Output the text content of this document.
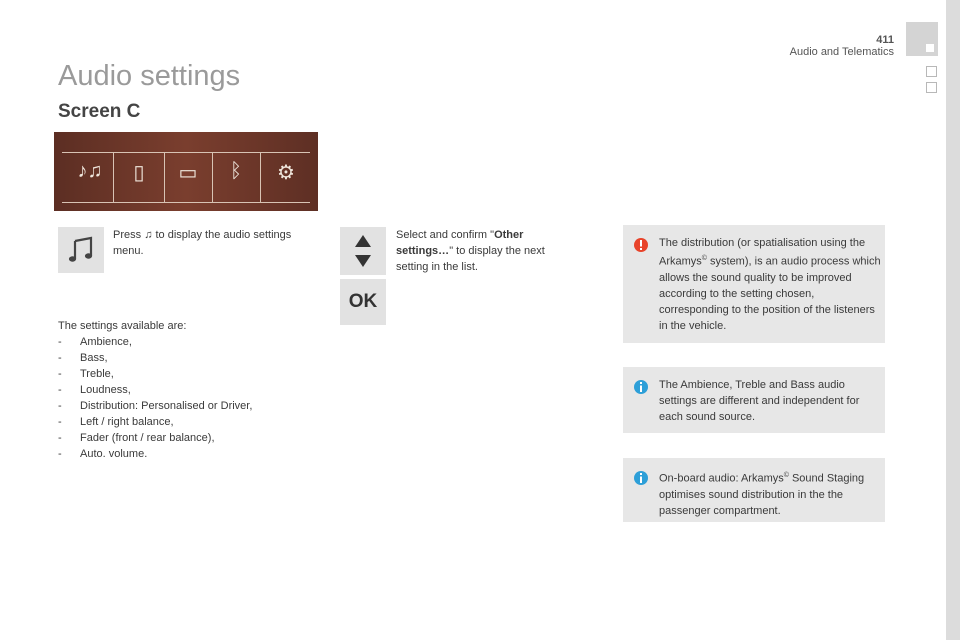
411
Audio and Telematics
Audio settings
Screen C
♪♫	▯	▭	ᛒ	⚙
Press ♫ to display the audio settings menu.
OK
Select and confirm "Other settings…" to display the next setting in the list.
The settings available are:
- Ambience,
- Bass,
- Treble,
- Loudness,
- Distribution: Personalised or Driver,
- Left / right balance,
- Fader (front / rear balance),
- Auto. volume.
The distribution (or spatialisation using the Arkamys© system), is an audio process which allows the sound quality to be improved according to the setting chosen, corresponding to the position of the listeners in the vehicle.
The Ambience, Treble and Bass audio settings are different and independent for each sound source.
On-board audio: Arkamys© Sound Staging optimises sound distribution in the the passenger compartment.
